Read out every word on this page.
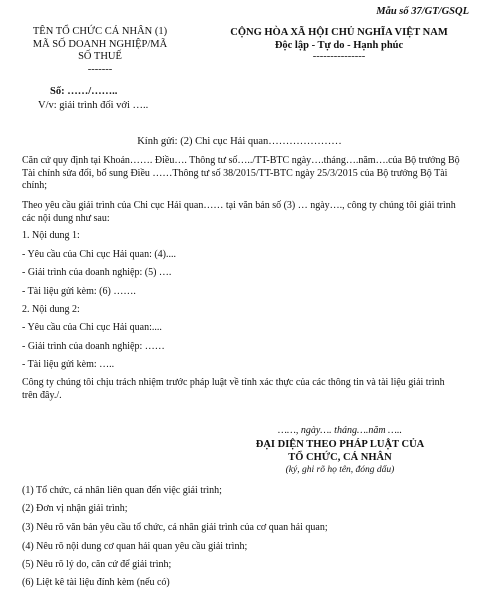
Mẫu số 37/GT/GSQL
TÊN TỔ CHỨC CÁ NHÂN (1)
MÃ SỐ DOANH NGHIỆP/MÃ
SỐ THUẾ
-------
CỘNG HÒA XÃ HỘI CHỦ NGHĨA VIỆT NAM
Độc lập - Tự do - Hạnh phúc
---------------
Số: ……/……..
V/v: giải trình đối với …..
Kính gửi: (2) Chi cục Hải quan…………………
Căn cứ quy định tại Khoản……. Điều…. Thông tư số…../TT-BTC ngày….tháng….năm….của Bộ trưởng Bộ Tài chính sửa đổi, bổ sung Điều ……Thông tư số 38/2015/TT-BTC ngày 25/3/2015 của Bộ trưởng Bộ Tài chính;
Theo yêu cầu giải trình của Chi cục Hải quan…… tại văn bản số (3) … ngày…., công ty chúng tôi giải trình các nội dung như sau:
1. Nội dung 1:
- Yêu cầu của Chi cục Hải quan: (4)....
- Giải trình của doanh nghiệp: (5) ….
- Tài liệu gửi kèm: (6) …….
2. Nội dung 2:
- Yêu cầu của Chi cục Hải quan:....
- Giải trình của doanh nghiệp: ……
- Tài liệu gửi kèm: …..
Công ty chúng tôi chịu trách nhiệm trước pháp luật về tính xác thực của các thông tin và tài liệu giải trình trên đây./.
……, ngày…. tháng….năm …..
ĐẠI DIỆN THEO PHÁP LUẬT CỦA
TỔ CHỨC, CÁ NHÂN
(ký, ghi rõ họ tên, đóng dấu)
(1) Tổ chức, cá nhân liên quan đến việc giải trình;
(2) Đơn vị nhận giải trình;
(3) Nêu rõ văn bản yêu cầu tổ chức, cá nhân giải trình của cơ quan hải quan;
(4) Nêu rõ nội dung cơ quan hải quan yêu cầu giải trình;
(5) Nêu rõ lý do, căn cứ để giải trình;
(6) Liệt kê tài liệu đính kèm (nếu có)
